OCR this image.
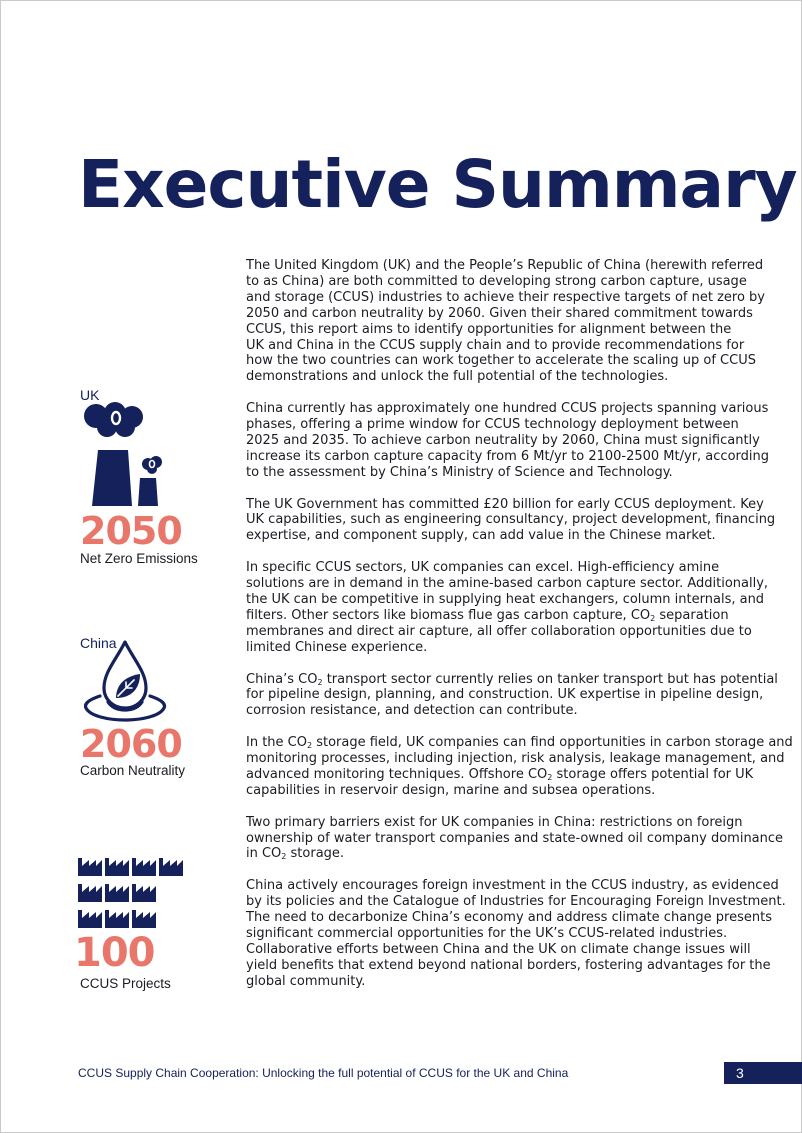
Executive Summary
UK
2050
Net Zero Emissions
China
2060
Carbon Neutrality
100
CCUS Projects

The United Kingdom (UK) and the People’s Republic of China (herewith referred
to as China) are both committed to developing strong carbon capture, usage
and storage (CCUS) industries to achieve their respective targets of net zero by
2050 and carbon neutrality by 2060. Given their shared commitment towards
CCUS, this report aims to identify opportunities for alignment between the
UK and China in the CCUS supply chain and to provide recommendations for
how the two countries can work together to accelerate the scaling up of CCUS
demonstrations and unlock the full potential of the technologies.

China currently has approximately one hundred CCUS projects spanning various
phases, offering a prime window for CCUS technology deployment between
2025 and 2035. To achieve carbon neutrality by 2060, China must significantly
increase its carbon capture capacity from 6 Mt/yr to 2100-2500 Mt/yr, according
to the assessment by China’s Ministry of Science and Technology.

The UK Government has committed £20 billion for early CCUS deployment. Key
UK capabilities, such as engineering consultancy, project development, financing
expertise, and component supply, can add value in the Chinese market.

In specific CCUS sectors, UK companies can excel. High-efficiency amine
solutions are in demand in the amine-based carbon capture sector. Additionally,
the UK can be competitive in supplying heat exchangers, column internals, and
filters. Other sectors like biomass flue gas carbon capture, $CO_2$ separation
membranes and direct air capture, all offer collaboration opportunities due to
limited Chinese experience.

China’s $CO_2$ transport sector currently relies on tanker transport but has potential
for pipeline design, planning, and construction. UK expertise in pipeline design,
corrosion resistance, and detection can contribute.

In the $CO_2$ storage field, UK companies can find opportunities in carbon storage and
monitoring processes, including injection, risk analysis, leakage management, and
advanced monitoring techniques. Offshore $CO_2$ storage offers potential for UK
capabilities in reservoir design, marine and subsea operations.

Two primary barriers exist for UK companies in China: restrictions on foreign
ownership of water transport companies and state-owned oil company dominance
in $CO_2$ storage.

China actively encourages foreign investment in the CCUS industry, as evidenced
by its policies and the Catalogue of Industries for Encouraging Foreign Investment.
The need to decarbonize China’s economy and address climate change presents
significant commercial opportunities for the UK’s CCUS-related industries.
Collaborative efforts between China and the UK on climate change issues will
yield benefits that extend beyond national borders, fostering advantages for the
global community.

CCUS Supply Chain Cooperation: Unlocking the full potential of CCUS for the UK and China	3
